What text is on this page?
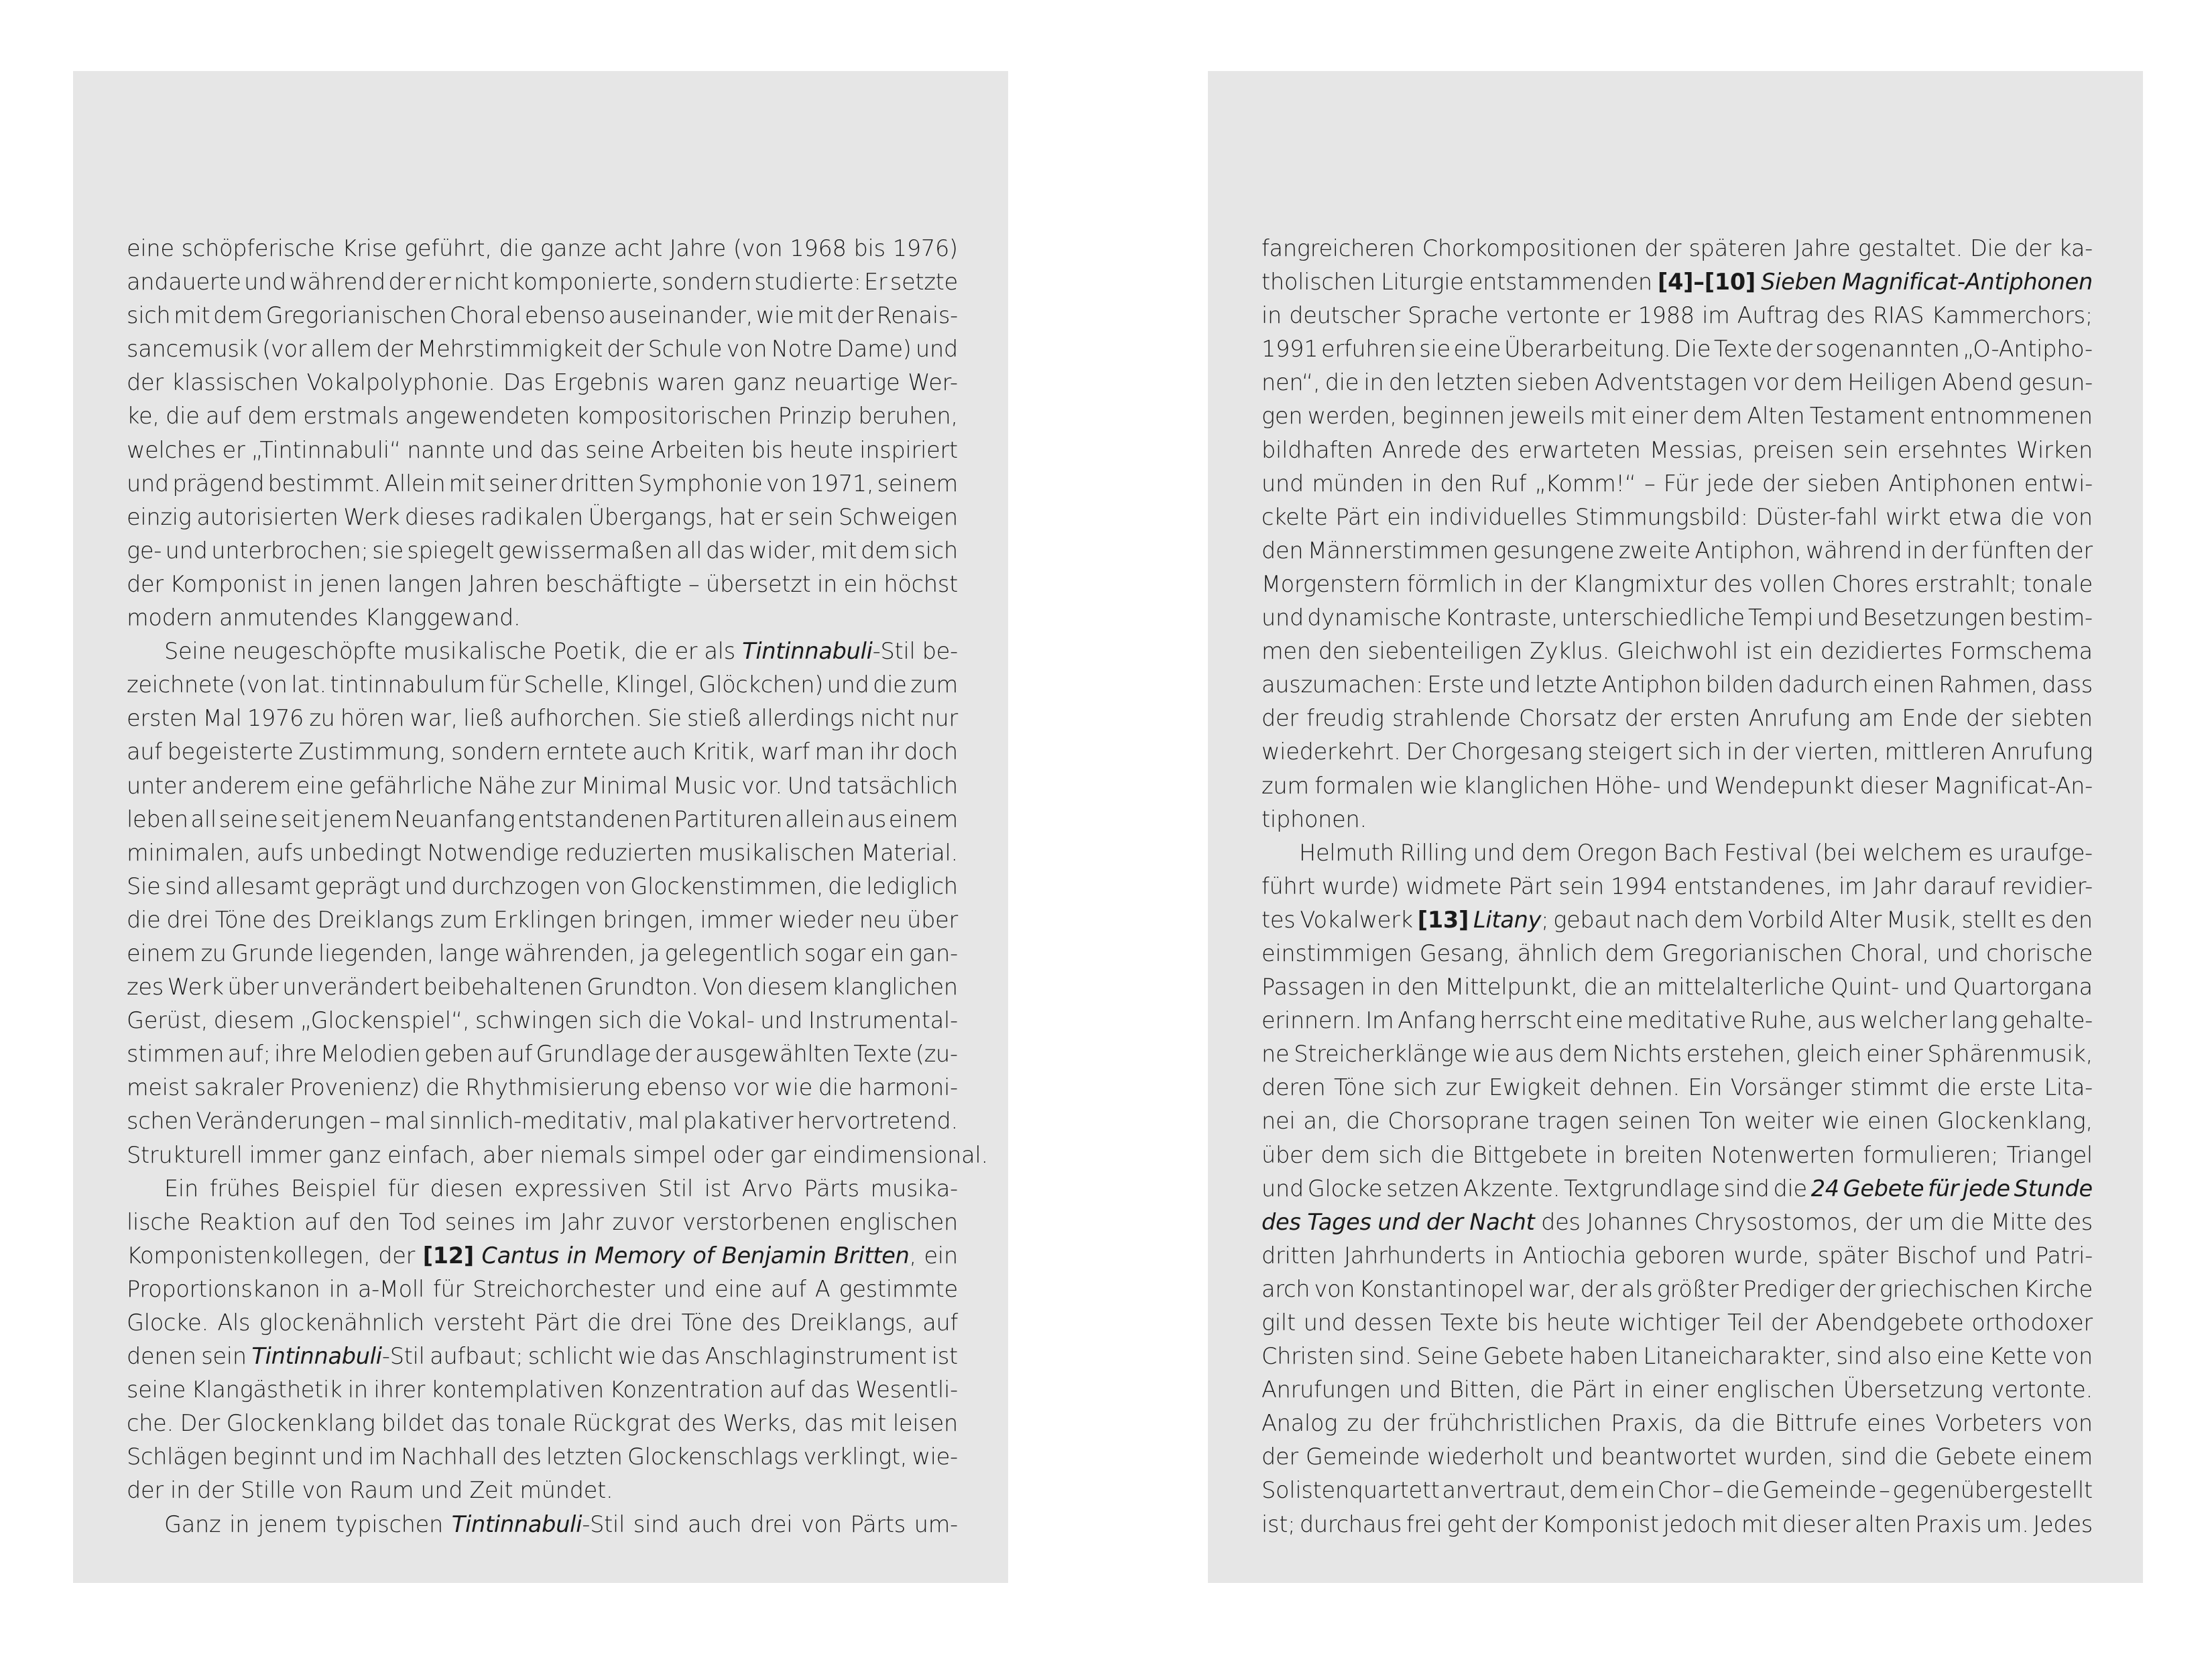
eine schöpferische Krise geführt, die ganze acht Jahre (von 1968 bis 1976)
andauerte und während der er nicht komponierte, sondern studierte: Er setzte
sich mit dem Gregorianischen Choral ebenso auseinander, wie mit der Renais-
sancemusik (vor allem der Mehrstimmigkeit der Schule von Notre Dame) und
der klassischen Vokalpolyphonie. Das Ergebnis waren ganz neuartige Wer-
ke, die auf dem erstmals angewendeten kompositorischen Prinzip beruhen,
welches er „Tintinnabuli“ nannte und das seine Arbeiten bis heute inspiriert
und prägend bestimmt. Allein mit seiner dritten Symphonie von 1971, seinem
einzig autorisierten Werk dieses radikalen Übergangs, hat er sein Schweigen
ge- und unterbrochen; sie spiegelt gewissermaßen all das wider, mit dem sich
der Komponist in jenen langen Jahren beschäftigte – übersetzt in ein höchst
modern anmutendes Klanggewand.
Seine neugeschöpfte musikalische Poetik, die er als Tintinnabuli-Stil be-
zeichnete (von lat. tintinnabulum für Schelle, Klingel, Glöckchen) und die zum
ersten Mal 1976 zu hören war, ließ aufhorchen. Sie stieß allerdings nicht nur
auf begeisterte Zustimmung, sondern erntete auch Kritik, warf man ihr doch
unter anderem eine gefährliche Nähe zur Minimal Music vor. Und tatsächlich
leben all seine seit jenem Neuanfang entstandenen Partituren allein aus einem
minimalen, aufs unbedingt Notwendige reduzierten musikalischen Material.
Sie sind allesamt geprägt und durchzogen von Glockenstimmen, die lediglich
die drei Töne des Dreiklangs zum Erklingen bringen, immer wieder neu über
einem zu Grunde liegenden, lange währenden, ja gelegentlich sogar ein gan-
zes Werk über unverändert beibehaltenen Grundton. Von diesem klanglichen
Gerüst, diesem „Glockenspiel“, schwingen sich die Vokal- und Instrumental-
stimmen auf; ihre Melodien geben auf Grundlage der ausgewählten Texte (zu-
meist sakraler Provenienz) die Rhythmisierung ebenso vor wie die harmoni-
schen Veränderungen – mal sinnlich-meditativ, mal plakativer hervortretend.
Strukturell immer ganz einfach, aber niemals simpel oder gar eindimensional.
Ein frühes Beispiel für diesen expressiven Stil ist Arvo Pärts musika-
lische Reaktion auf den Tod seines im Jahr zuvor verstorbenen englischen
Komponistenkollegen, der [12] Cantus in Memory of Benjamin Britten, ein
Proportionskanon in a-Moll für Streichorchester und eine auf A gestimmte
Glocke. Als glockenähnlich versteht Pärt die drei Töne des Dreiklangs, auf
denen sein Tintinnabuli-Stil aufbaut; schlicht wie das Anschlaginstrument ist
seine Klangästhetik in ihrer kontemplativen Konzentration auf das Wesentli-
che. Der Glockenklang bildet das tonale Rückgrat des Werks, das mit leisen
Schlägen beginnt und im Nachhall des letzten Glockenschlags verklingt, wie-
der in der Stille von Raum und Zeit mündet.
Ganz in jenem typischen Tintinnabuli-Stil sind auch drei von Pärts um-
fangreicheren Chorkompositionen der späteren Jahre gestaltet. Die der ka-
tholischen Liturgie entstammenden [4]–[10] Sieben Magnificat-Antiphonen
in deutscher Sprache vertonte er 1988 im Auftrag des RIAS Kammerchors;
1991 erfuhren sie eine Überarbeitung. Die Texte der sogenannten „O-Antipho-
nen“, die in den letzten sieben Adventstagen vor dem Heiligen Abend gesun-
gen werden, beginnen jeweils mit einer dem Alten Testament entnommenen
bildhaften Anrede des erwarteten Messias, preisen sein ersehntes Wirken
und münden in den Ruf „Komm!“ – Für jede der sieben Antiphonen entwi-
ckelte Pärt ein individuelles Stimmungsbild: Düster-fahl wirkt etwa die von
den Männerstimmen gesungene zweite Antiphon, während in der fünften der
Morgenstern förmlich in der Klangmixtur des vollen Chores erstrahlt; tonale
und dynamische Kontraste, unterschiedliche Tempi und Besetzungen bestim-
men den siebenteiligen Zyklus. Gleichwohl ist ein dezidiertes Formschema
auszumachen: Erste und letzte Antiphon bilden dadurch einen Rahmen, dass
der freudig strahlende Chorsatz der ersten Anrufung am Ende der siebten
wiederkehrt. Der Chorgesang steigert sich in der vierten, mittleren Anrufung
zum formalen wie klanglichen Höhe- und Wendepunkt dieser Magnificat-An-
tiphonen.
Helmuth Rilling und dem Oregon Bach Festival (bei welchem es uraufge-
führt wurde) widmete Pärt sein 1994 entstandenes, im Jahr darauf revidier-
tes Vokalwerk [13] Litany; gebaut nach dem Vorbild Alter Musik, stellt es den
einstimmigen Gesang, ähnlich dem Gregorianischen Choral, und chorische
Passagen in den Mittelpunkt, die an mittelalterliche Quint- und Quartorgana
erinnern. Im Anfang herrscht eine meditative Ruhe, aus welcher lang gehalte-
ne Streicherklänge wie aus dem Nichts erstehen, gleich einer Sphärenmusik,
deren Töne sich zur Ewigkeit dehnen. Ein Vorsänger stimmt die erste Lita-
nei an, die Chorsoprane tragen seinen Ton weiter wie einen Glockenklang,
über dem sich die Bittgebete in breiten Notenwerten formulieren; Triangel
und Glocke setzen Akzente. Textgrundlage sind die 24 Gebete für jede Stunde
des Tages und der Nacht des Johannes Chrysostomos, der um die Mitte des
dritten Jahrhunderts in Antiochia geboren wurde, später Bischof und Patri-
arch von Konstantinopel war, der als größter Prediger der griechischen Kirche
gilt und dessen Texte bis heute wichtiger Teil der Abendgebete orthodoxer
Christen sind. Seine Gebete haben Litaneicharakter, sind also eine Kette von
Anrufungen und Bitten, die Pärt in einer englischen Übersetzung vertonte.
Analog zu der frühchristlichen Praxis, da die Bittrufe eines Vorbeters von
der Gemeinde wiederholt und beantwortet wurden, sind die Gebete einem
Solistenquartett anvertraut, dem ein Chor – die Gemeinde – gegenübergestellt
ist; durchaus frei geht der Komponist jedoch mit dieser alten Praxis um. Jedes
